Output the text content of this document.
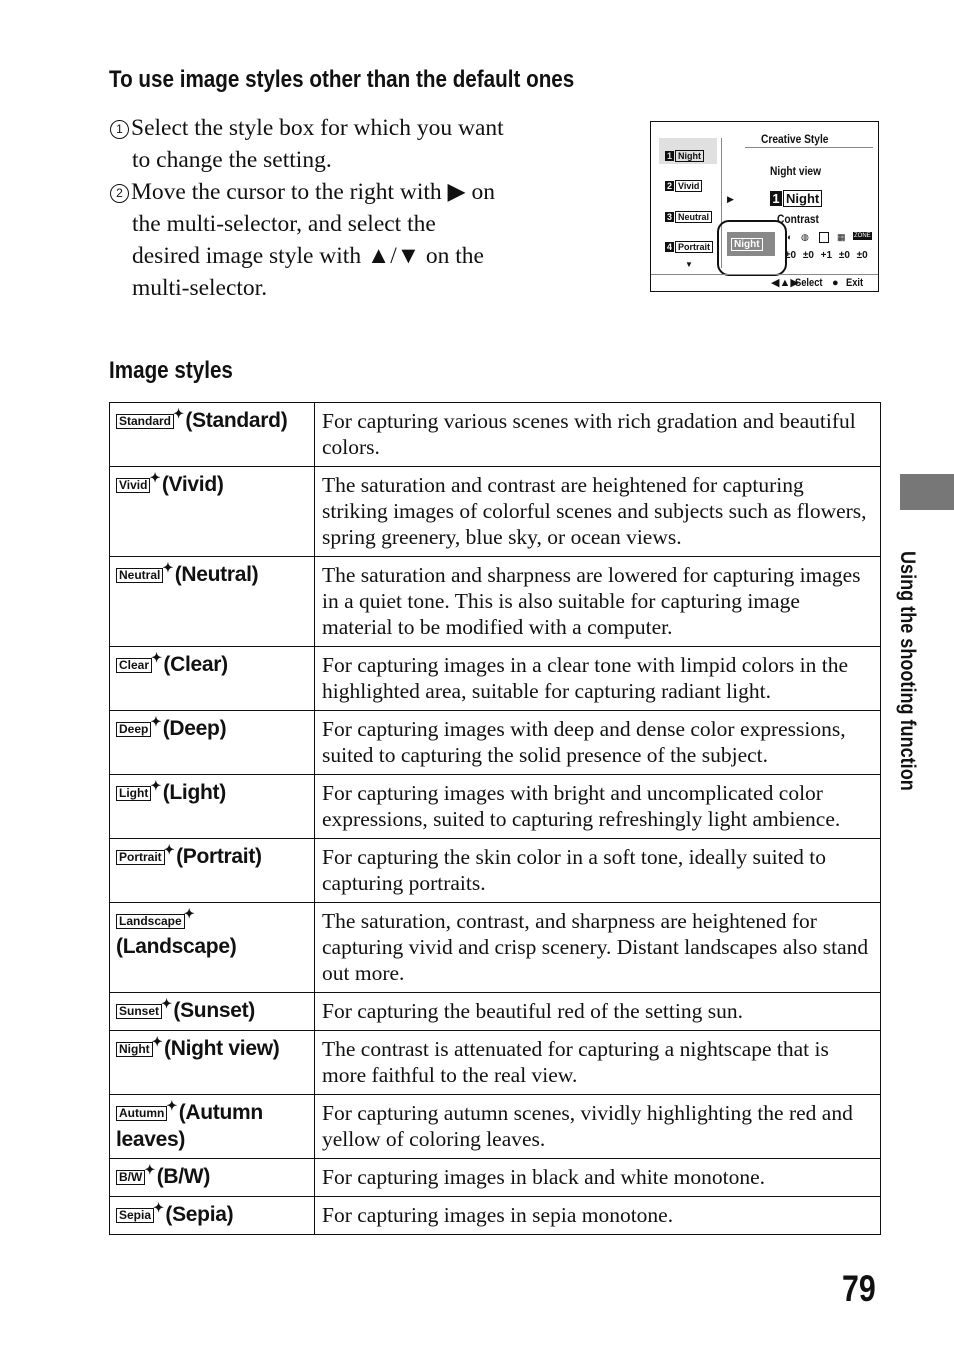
To use image styles other than the default ones
1 Select the style box for which you want
to change the setting.
2 Move the cursor to the right with ▶ on
the multi-selector, and select the
desired image style with ▲/▼ on the
multi-selector.
Creative Style
Night view
1 Night
2 Vivid
3 Neutral
4 Portrait
▼
▶	1 Night
Contrast
Night
◐ ◍	▦ ZONE
±0 ±0 +1 ±0 ±0
◀▲▶
Select ● Exit
Image styles
Standard ✦ (Standard)	For capturing various scenes with rich gradation and beautiful colors.
Vivid ✦ (Vivid)	The saturation and contrast are heightened for capturing striking images of colorful scenes and subjects such as flowers, spring greenery, blue sky, or ocean views.
Neutral ✦ (Neutral)	The saturation and sharpness are lowered for capturing images in a quiet tone. This is also suitable for capturing image material to be modified with a computer.
Clear ✦ (Clear)	For capturing images in a clear tone with limpid colors in the highlighted area, suitable for capturing radiant light.
Deep ✦ (Deep)	For capturing images with deep and dense color expressions, suited to capturing the solid presence of the subject.
Light ✦ (Light)	For capturing images with bright and uncomplicated color expressions, suited to capturing refreshingly light ambience.
Portrait ✦ (Portrait)	For capturing the skin color in a soft tone, ideally suited to capturing portraits.
Landscape ✦
(Landscape)	The saturation, contrast, and sharpness are heightened for capturing vivid and crisp scenery. Distant landscapes also stand out more.
Sunset ✦ (Sunset)	For capturing the beautiful red of the setting sun.
Night ✦ (Night view)	The contrast is attenuated for capturing a nightscape that is more faithful to the real view.
Autumn ✦ (Autumn leaves)	For capturing autumn scenes, vividly highlighting the red and yellow of coloring leaves.
B/W ✦ (B/W)	For capturing images in black and white monotone.
Sepia ✦ (Sepia)	For capturing images in sepia monotone.
Using the shooting function
79
